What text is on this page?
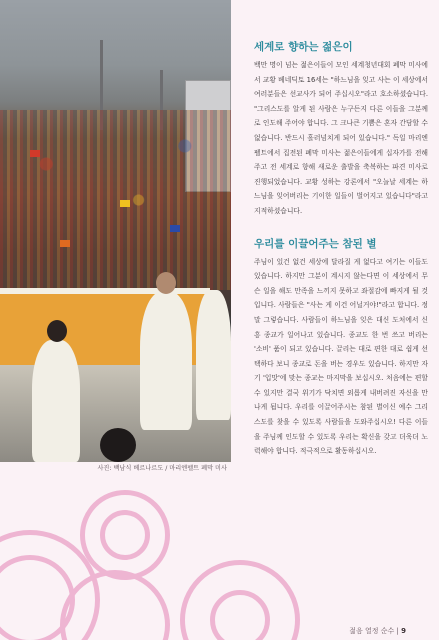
사진: 백남식 베르나르도 / 마리엔펠트 폐막 미사
세계로 향하는 젊은이

백만 명이 넘는 젊은이들이 모인 세계청년대회 폐막 미사에서 교황 베네딕토 16세는 "하느님을 잊고 사는 이 세상에서 여러분들은 선교사가 되어 주십시오"라고 호소하셨습니다. "그리스도를 알게 된 사람은 누구든지 다른 이들을 그분께로 인도해 주어야 합니다. 그 크나큰 기쁨은 혼자 간담할 수 없습니다. 반드시 흘러넘치게 되어 있습니다." 독일 마리엔펠트에서 집전된 폐막 미사는 젊은이들에게 십자가를 전해 주고 전 세계로 향해 새로운 출발을 축복하는 파견 미사로 진행되었습니다. 교황 성하는 강론에서 "오늘날 세계는 하느님을 잊어버리는 기이한 일들이 벌어지고 있습니다"라고 지적하셨습니다.

우리를 이끌어주는 참된 별

주님이 있건 없건 세상에 달라질 게 없다고 여기는 이들도 있습니다. 하지만 그분이 계시지 않는다면 이 세상에서 무슨 일을 해도 만족을 느끼지 못하고 좌절감에 빠지게 될 것입니다. 사람들은 "사는 게 이건 어닐거야!"라고 합니다. 정말 그렇습니다. 사람들이 하느님을 잊은 대신 도처에서 신흥 종교가 일어나고 있습니다. 종교도 한 번 쓰고 버리는 '소비' 품이 되고 있습니다. 끌리는 대로 편한 대로 쉽게 선택하다 보니 종교로 돈을 버는 경우도 있습니다. 하지만 자기 '입맛'에 맞는 종교는 마지막을 보십시오. 처음에는 편할 수 있지만 결국 위기가 닥치면 외롭게 내버려진 자신을 만나게 됩니다. 우리를 이끌어주시는 참된 별이신 예수 그리스도를 찾을 수 있도록 사람들을 도와주십시오! 다른 이들을 주님께 인도할 수 있도록 우리는 확신을 갖고 더욱더 노력해야 합니다. 적극적으로 활동하십시오.

젊음 열정 순수 | 9
